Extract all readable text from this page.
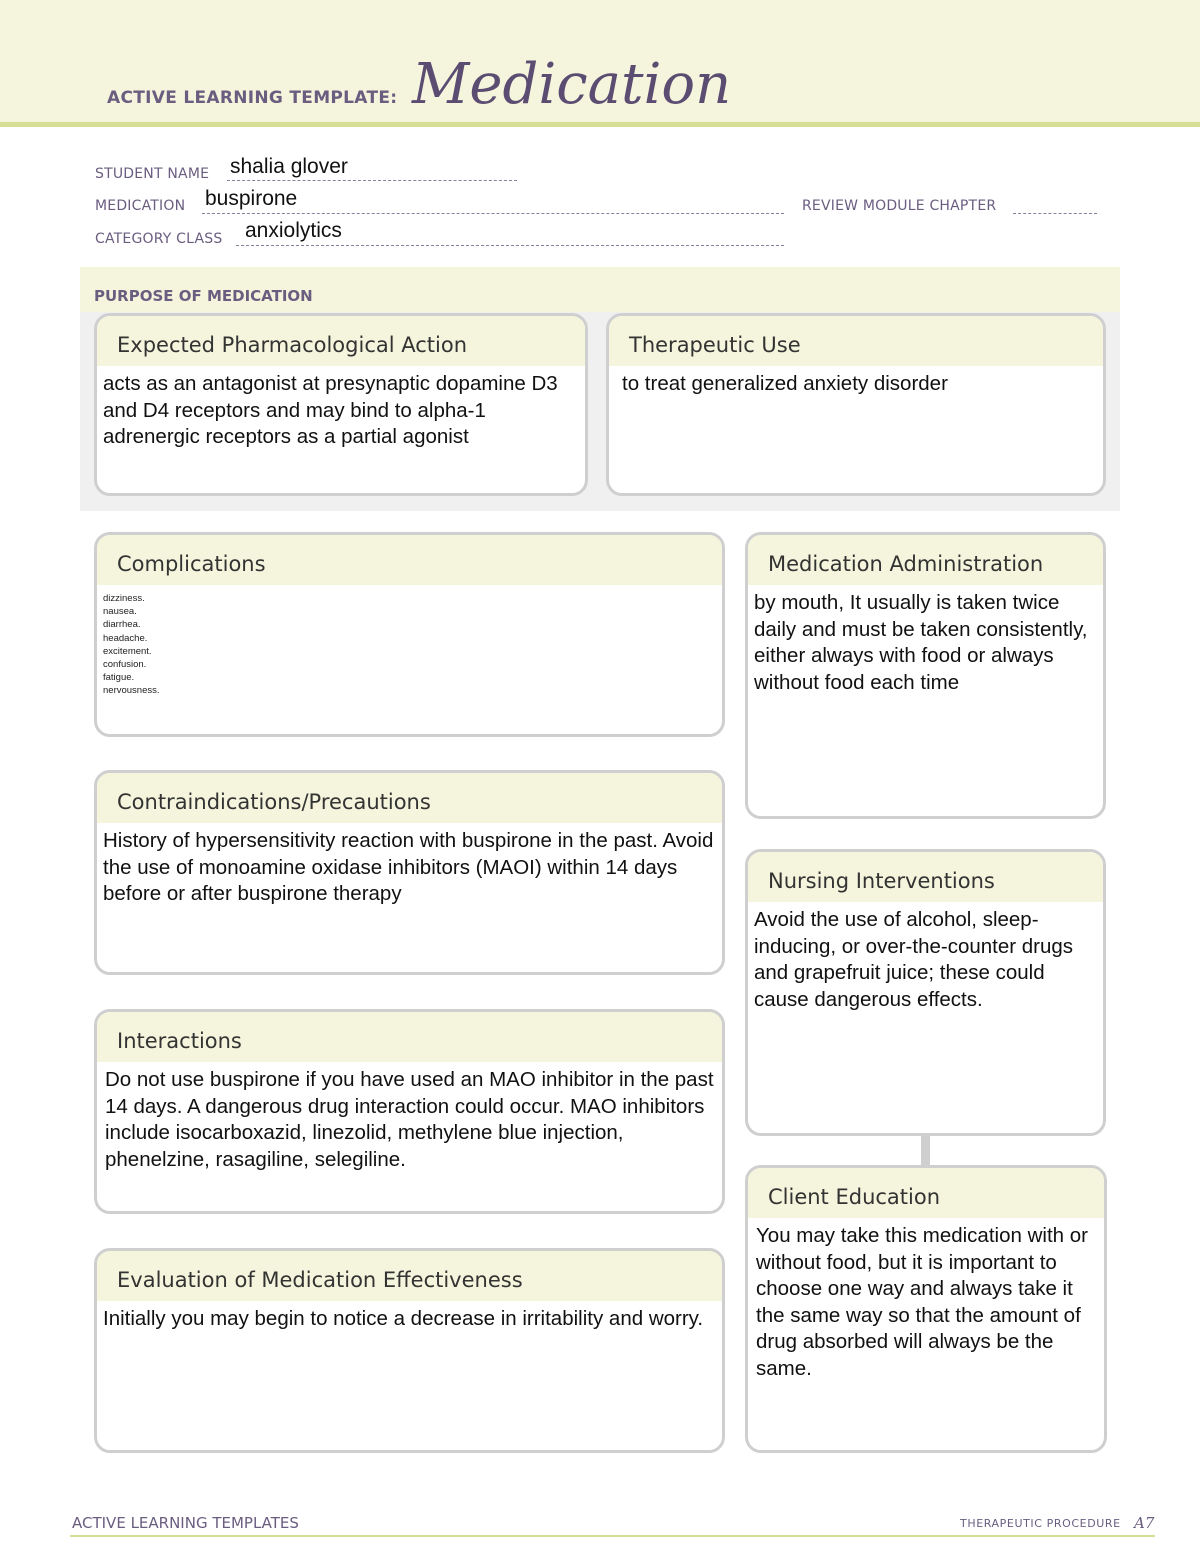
ACTIVE LEARNING TEMPLATE: Medication
STUDENT NAME shalia glover
MEDICATION buspirone	REVIEW MODULE CHAPTER
CATEGORY CLASS anxiolytics
PURPOSE OF MEDICATION
Expected Pharmacological Action
acts as an antagonist at presynaptic dopamine D3 and D4 receptors and may bind to alpha-1 adrenergic receptors as a partial agonist
Therapeutic Use
to treat generalized anxiety disorder
Complications
dizziness.
nausea.
diarrhea.
headache.
excitement.
confusion.
fatigue.
nervousness.
Contraindications/Precautions
History of hypersensitivity reaction with buspirone in the past. Avoid the use of monoamine oxidase inhibitors (MAOI) within 14 days before or after buspirone therapy
Interactions
Do not use buspirone if you have used an MAO inhibitor in the past 14 days. A dangerous drug interaction could occur. MAO inhibitors include isocarboxazid, linezolid, methylene blue injection, phenelzine, rasagiline, selegiline.
Evaluation of Medication Effectiveness
Initially you may begin to notice a decrease in irritability and worry.
Medication Administration
by mouth, It usually is taken twice daily and must be taken consistently, either always with food or always without food each time
Nursing Interventions
Avoid the use of alcohol, sleep-inducing, or over-the-counter drugs and grapefruit juice; these could cause dangerous effects.
Client Education
You may take this medication with or without food, but it is important to choose one way and always take it the same way so that the amount of drug absorbed will always be the same.
ACTIVE LEARNING TEMPLATES	THERAPEUTIC PROCEDURE A7
